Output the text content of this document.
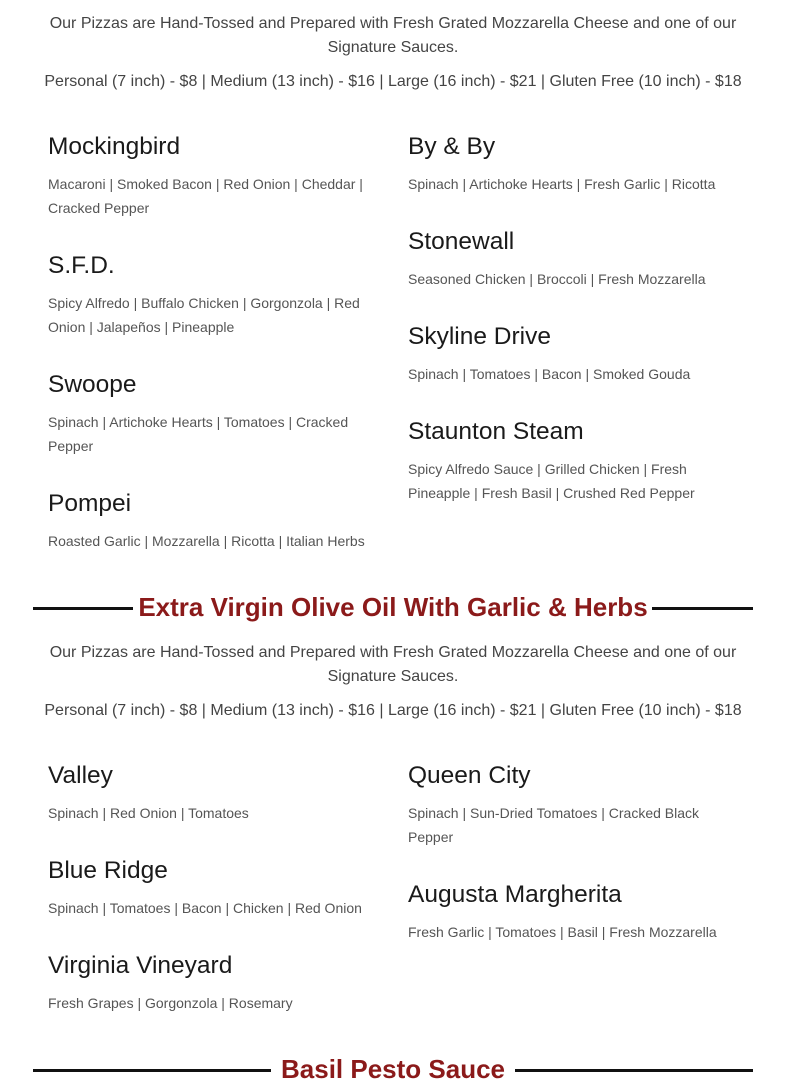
Our Pizzas are Hand-Tossed and Prepared with Fresh Grated Mozzarella Cheese and one of our Signature Sauces.

Personal (7 inch) - $8 | Medium (13 inch) - $16 | Large (16 inch) - $21 | Gluten Free (10 inch) - $18

Mockingbird

Macaroni | Smoked Bacon | Red Onion | Cheddar | Cracked Pepper

S.F.D.

Spicy Alfredo | Buffalo Chicken | Gorgonzola | Red Onion | Jalapeños | Pineapple

Swoope

Spinach | Artichoke Hearts | Tomatoes | Cracked Pepper

Pompei

Roasted Garlic | Mozzarella | Ricotta | Italian Herbs

By & By

Spinach | Artichoke Hearts | Fresh Garlic | Ricotta

Stonewall

Seasoned Chicken | Broccoli | Fresh Mozzarella

Skyline Drive

Spinach | Tomatoes | Bacon | Smoked Gouda

Staunton Steam

Spicy Alfredo Sauce | Grilled Chicken | Fresh Pineapple | Fresh Basil | Crushed Red Pepper

Extra Virgin Olive Oil With Garlic & Herbs

Our Pizzas are Hand-Tossed and Prepared with Fresh Grated Mozzarella Cheese and one of our Signature Sauces.

Personal (7 inch) - $8 | Medium (13 inch) - $16 | Large (16 inch) - $21 | Gluten Free (10 inch) - $18

Valley

Spinach | Red Onion | Tomatoes

Blue Ridge

Spinach | Tomatoes | Bacon | Chicken | Red Onion

Virginia Vineyard

Fresh Grapes | Gorgonzola | Rosemary

Queen City

Spinach | Sun-Dried Tomatoes | Cracked Black Pepper

Augusta Margherita

Fresh Garlic | Tomatoes | Basil | Fresh Mozzarella

Basil Pesto Sauce
